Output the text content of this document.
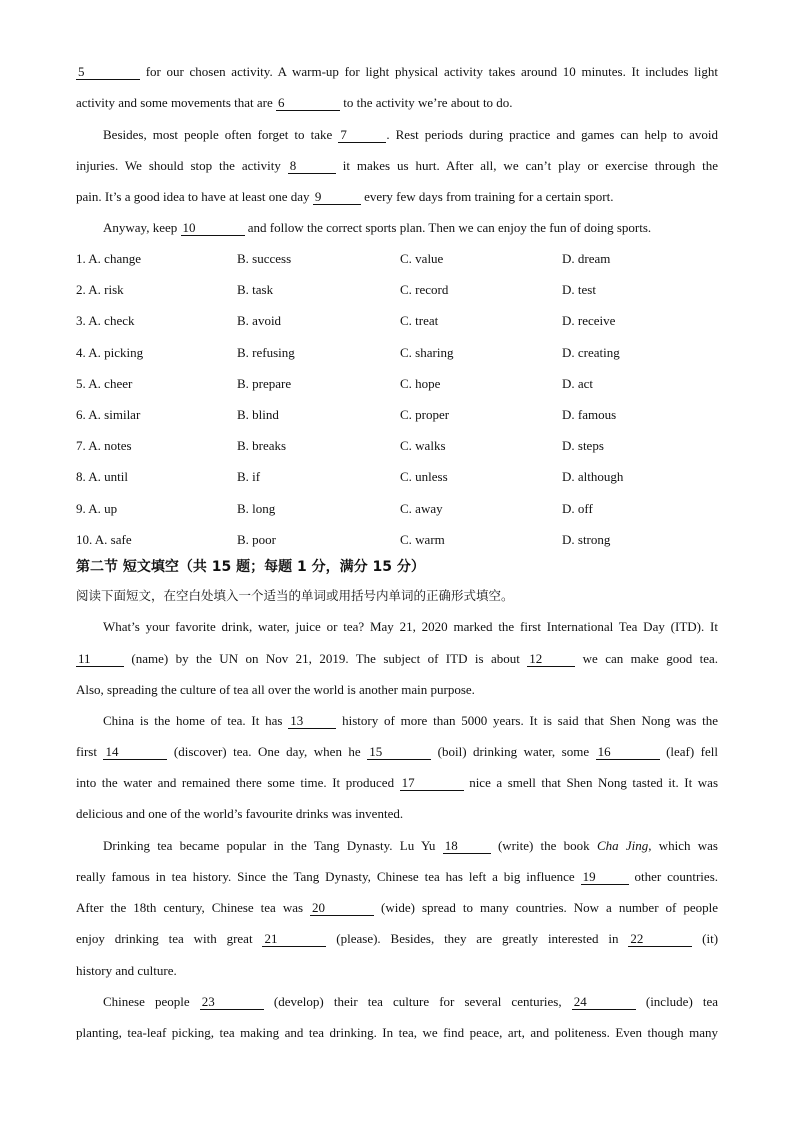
5	for our chosen activity. A warm-up for light physical activity takes around 10 minutes. It includes light
activity and some movements that are 6	to the activity we’re about to do.
Besides, most people often forget to take 7	. Rest periods during practice and games can help to avoid
injuries. We should stop the activity 8	it makes us hurt. After all, we can’t play or exercise through the
pain. It’s a good idea to have at least one day 9	every few days from training for a certain sport.
Anyway, keep 10	and follow the correct sports plan. Then we can enjoy the fun of doing sports.
1. A. change	B. success	C. value	D. dream
2. A. risk	B. task	C. record	D. test
3. A. check	B. avoid	C. treat	D. receive
4. A. picking	B. refusing	C. sharing	D. creating
5. A. cheer	B. prepare	C. hope	D. act
6. A. similar	B. blind	C. proper	D. famous
7. A. notes	B. breaks	C. walks	D. steps
8. A. until	B. if	C. unless	D. although
9. A. up	B. long	C. away	D. off
10. A. safe	B. poor	C. warm	D. strong
第二节 短文填空（共 15 题；每题 1 分，满分 15 分）
阅读下面短文，在空白处填入一个适当的单词或用括号内单词的正确形式填空。
What’s your favorite drink, water, juice or tea? May 21, 2020 marked the first International Tea Day (ITD). It
11	(name) by the UN on Nov 21, 2019. The subject of ITD is about 12	we can make good tea.
Also, spreading the culture of tea all over the world is another main purpose.
China is the home of tea. It has 13	history of more than 5000 years. It is said that Shen Nong was the
first 14	(discover) tea. One day, when he 15	(boil) drinking water, some 16	(leaf) fell
into the water and remained there some time. It produced 17	nice a smell that Shen Nong tasted it. It was
delicious and one of the world’s favourite drinks was invented.
Drinking tea became popular in the Tang Dynasty. Lu Yu 18	(write) the book Cha Jing, which was
really famous in tea history. Since the Tang Dynasty, Chinese tea has left a big influence 19	other countries.
After the 18th century, Chinese tea was 20	(wide) spread to many countries. Now a number of people
enjoy drinking tea with great 21	(please). Besides, they are greatly interested in 22	(it)
history and culture.
Chinese people 23	(develop) their tea culture for several centuries, 24	(include) tea
planting, tea-leaf picking, tea making and tea drinking. In tea, we find peace, art, and politeness. Even though many
